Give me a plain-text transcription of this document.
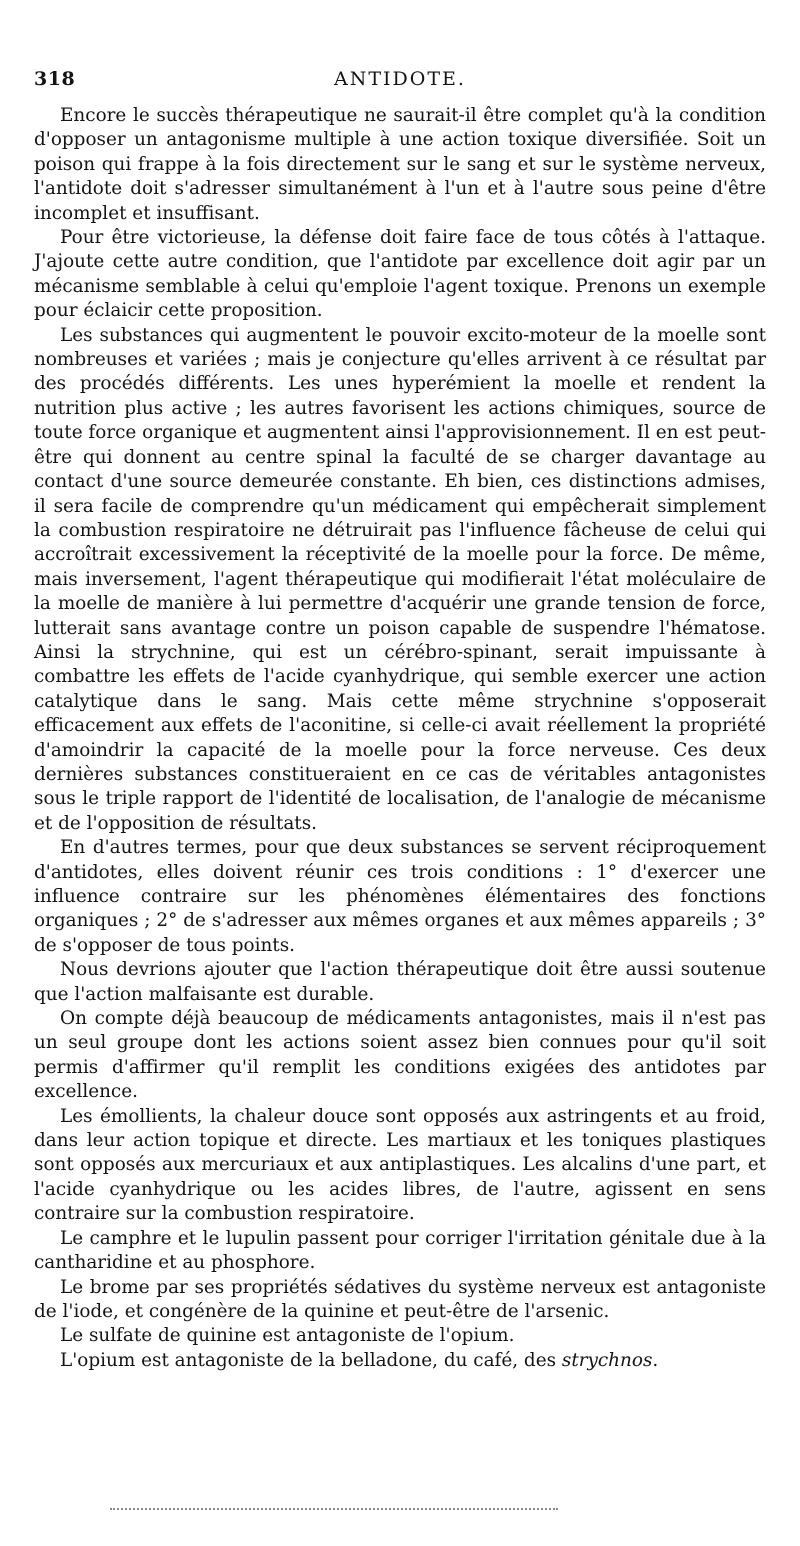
318	ANTIDOTE.

Encore le succès thérapeutique ne saurait-il être complet qu'à la condition d'opposer un antagonisme multiple à une action toxique diversifiée. Soit un poison qui frappe à la fois directement sur le sang et sur le système nerveux, l'antidote doit s'adresser simultanément à l'un et à l'autre sous peine d'être incomplet et insuffisant.

Pour être victorieuse, la défense doit faire face de tous côtés à l'attaque. J'ajoute cette autre condition, que l'antidote par excellence doit agir par un mécanisme semblable à celui qu'emploie l'agent toxique. Prenons un exemple pour éclaicir cette proposition.

Les substances qui augmentent le pouvoir excito-moteur de la moelle sont nombreuses et variées ; mais je conjecture qu'elles arrivent à ce résultat par des procédés différents. Les unes hyperémient la moelle et rendent la nutrition plus active ; les autres favorisent les actions chimiques, source de toute force organique et augmentent ainsi l'approvisionnement. Il en est peut-être qui donnent au centre spinal la faculté de se charger davantage au contact d'une source demeurée constante. Eh bien, ces distinctions admises, il sera facile de comprendre qu'un médicament qui empêcherait simplement la combustion respiratoire ne détruirait pas l'influence fâcheuse de celui qui accroîtrait excessivement la réceptivité de la moelle pour la force. De même, mais inversement, l'agent thérapeutique qui modifierait l'état moléculaire de la moelle de manière à lui permettre d'acquérir une grande tension de force, lutterait sans avantage contre un poison capable de suspendre l'hématose. Ainsi la strychnine, qui est un cérébro-spinant, serait impuissante à combattre les effets de l'acide cyanhydrique, qui semble exercer une action catalytique dans le sang. Mais cette même strychnine s'opposerait efficacement aux effets de l'aconitine, si celle-ci avait réellement la propriété d'amoindrir la capacité de la moelle pour la force nerveuse. Ces deux dernières substances constitueraient en ce cas de véritables antagonistes sous le triple rapport de l'identité de localisation, de l'analogie de mécanisme et de l'opposition de résultats.

En d'autres termes, pour que deux substances se servent réciproquement d'antidotes, elles doivent réunir ces trois conditions : 1° d'exercer une influence contraire sur les phénomènes élémentaires des fonctions organiques ; 2° de s'adresser aux mêmes organes et aux mêmes appareils ; 3° de s'opposer de tous points.

Nous devrions ajouter que l'action thérapeutique doit être aussi soutenue que l'action malfaisante est durable.

On compte déjà beaucoup de médicaments antagonistes, mais il n'est pas un seul groupe dont les actions soient assez bien connues pour qu'il soit permis d'affirmer qu'il remplit les conditions exigées des antidotes par excellence.

Les émollients, la chaleur douce sont opposés aux astringents et au froid, dans leur action topique et directe. Les martiaux et les toniques plastiques sont opposés aux mercuriaux et aux antiplastiques. Les alcalins d'une part, et l'acide cyanhydrique ou les acides libres, de l'autre, agissent en sens contraire sur la combustion respiratoire.

Le camphre et le lupulin passent pour corriger l'irritation génitale due à la cantharidine et au phosphore.

Le brome par ses propriétés sédatives du système nerveux est antagoniste de l'iode, et congénère de la quinine et peut-être de l'arsenic.

Le sulfate de quinine est antagoniste de l'opium.

L'opium est antagoniste de la belladone, du café, des strychnos.
